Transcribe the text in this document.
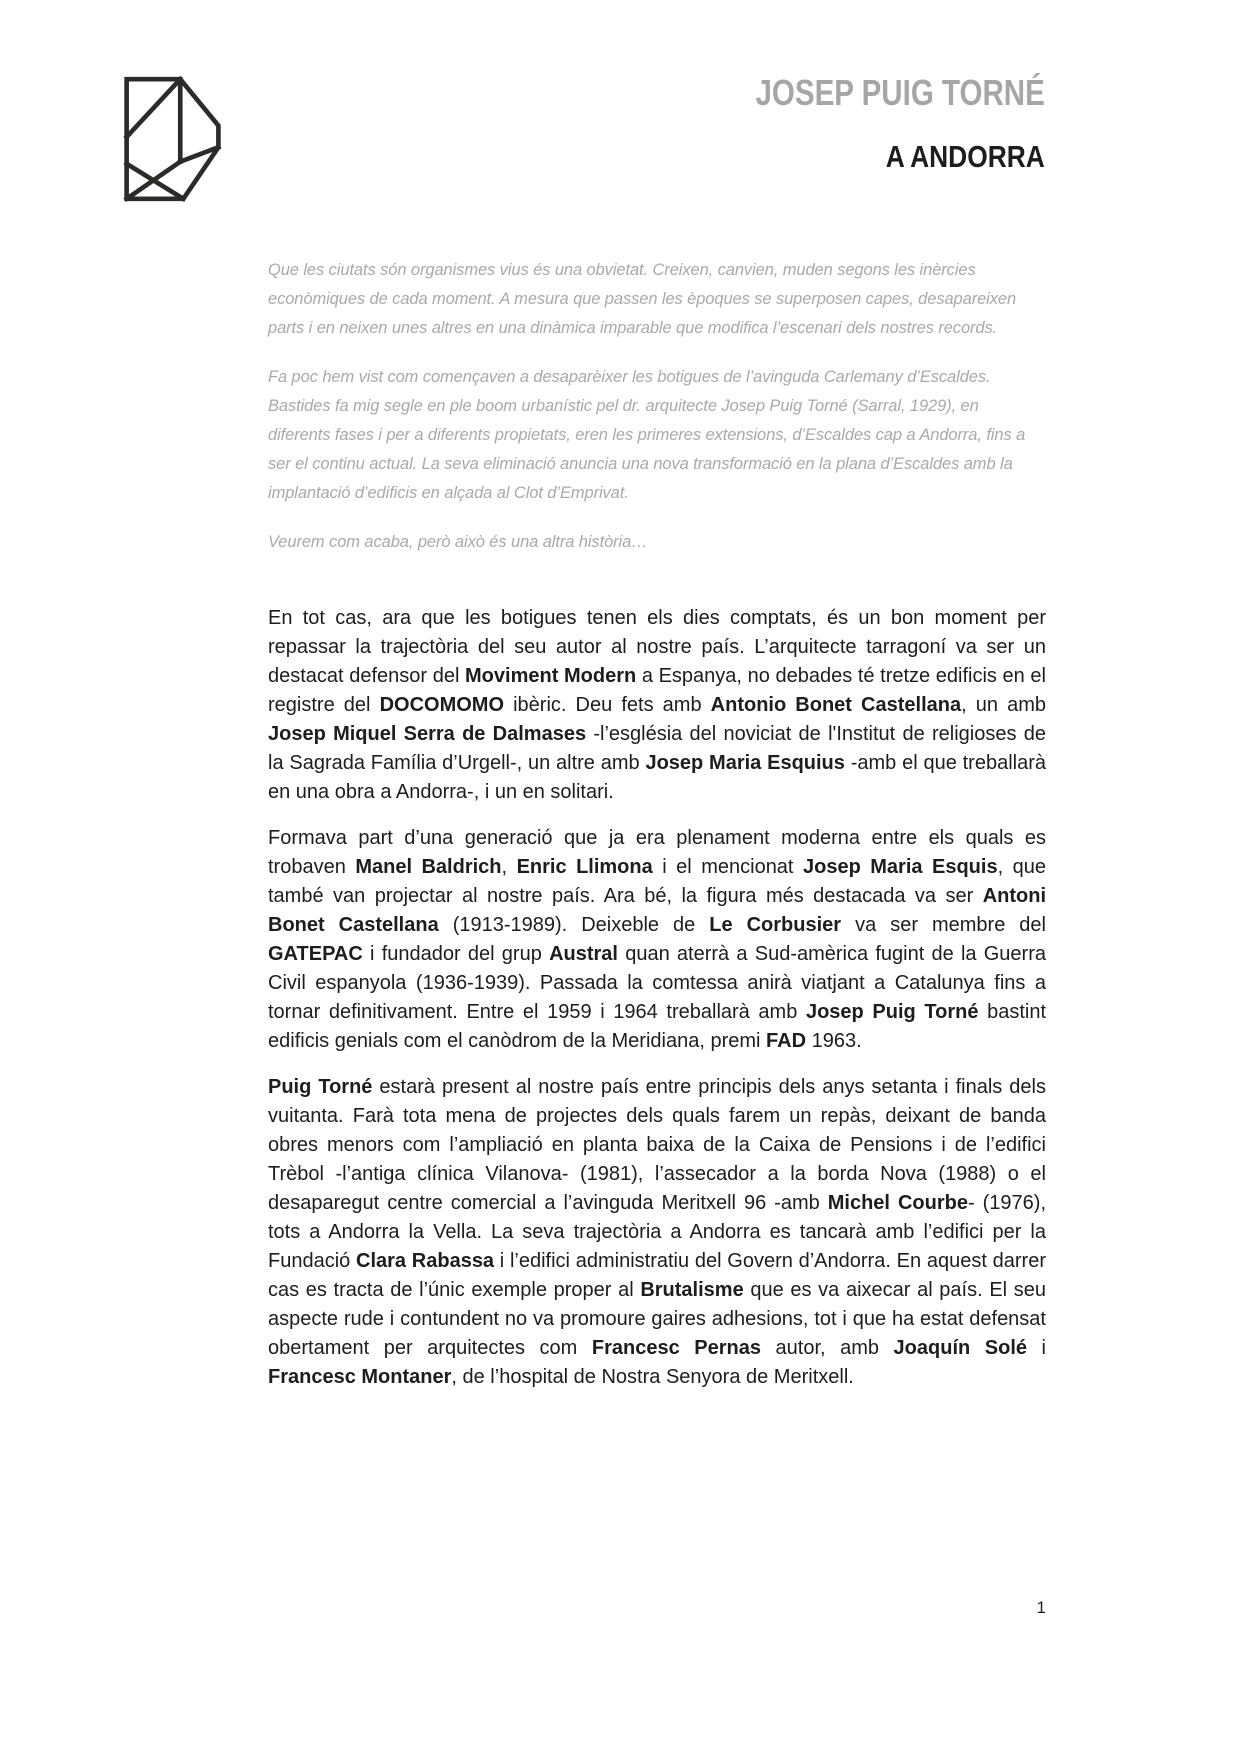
JOSEP PUIG TORNÉ
A ANDORRA

Que les ciutats són organismes vius és una obvietat. Creixen, canvien, muden segons les inèrcies econòmiques de cada moment. A mesura que passen les èpoques se superposen capes, desapareixen parts i en neixen unes altres en una dinàmica imparable que modifica l’escenari dels nostres records.

Fa poc hem vist com començaven a desaparèixer les botigues de l’avinguda Carlemany d’Escaldes. Bastides fa mig segle en ple boom urbanístic pel dr. arquitecte Josep Puig Torné (Sarral, 1929), en diferents fases i per a diferents propietats, eren les primeres extensions, d’Escaldes cap a Andorra, fins a ser el continu actual. La seva eliminació anuncia una nova transformació en la plana d’Escaldes amb la implantació d’edificis en alçada al Clot d’Emprivat.

Veurem com acaba, però això és una altra història…

En tot cas, ara que les botigues tenen els dies comptats, és un bon moment per repassar la trajectòria del seu autor al nostre país. L’arquitecte tarragoní va ser un destacat defensor del Moviment Modern a Espanya, no debades té tretze edificis en el registre del DOCOMOMO ibèric. Deu fets amb Antonio Bonet Castellana, un amb Josep Miquel Serra de Dalmases -l’església del noviciat de l'Institut de religioses de la Sagrada Família d’Urgell-, un altre amb Josep Maria Esquius -amb el que treballarà en una obra a Andorra-, i un en solitari.

Formava part d’una generació que ja era plenament moderna entre els quals es trobaven Manel Baldrich, Enric Llimona i el mencionat Josep Maria Esquis, que també van projectar al nostre país. Ara bé, la figura més destacada va ser Antoni Bonet Castellana (1913-1989). Deixeble de Le Corbusier va ser membre del GATEPAC i fundador del grup Austral quan aterrà a Sud-amèrica fugint de la Guerra Civil espanyola (1936-1939). Passada la comtessa anirà viatjant a Catalunya fins a tornar definitivament. Entre el 1959 i 1964 treballarà amb Josep Puig Torné bastint edificis genials com el canòdrom de la Meridiana, premi FAD 1963.

Puig Torné estarà present al nostre país entre principis dels anys setanta i finals dels vuitanta. Farà tota mena de projectes dels quals farem un repàs, deixant de banda obres menors com l’ampliació en planta baixa de la Caixa de Pensions i de l’edifici Trèbol -l’antiga clínica Vilanova- (1981), l’assecador a la borda Nova (1988) o el desaparegut centre comercial a l’avinguda Meritxell 96 -amb Michel Courbe- (1976), tots a Andorra la Vella. La seva trajectòria a Andorra es tancarà amb l’edifici per la Fundació Clara Rabassa i l’edifici administratiu del Govern d’Andorra. En aquest darrer cas es tracta de l’únic exemple proper al Brutalisme que es va aixecar al país. El seu aspecte rude i contundent no va promoure gaires adhesions, tot i que ha estat defensat obertament per arquitectes com Francesc Pernas autor, amb Joaquín Solé i Francesc Montaner, de l’hospital de Nostra Senyora de Meritxell.

1
